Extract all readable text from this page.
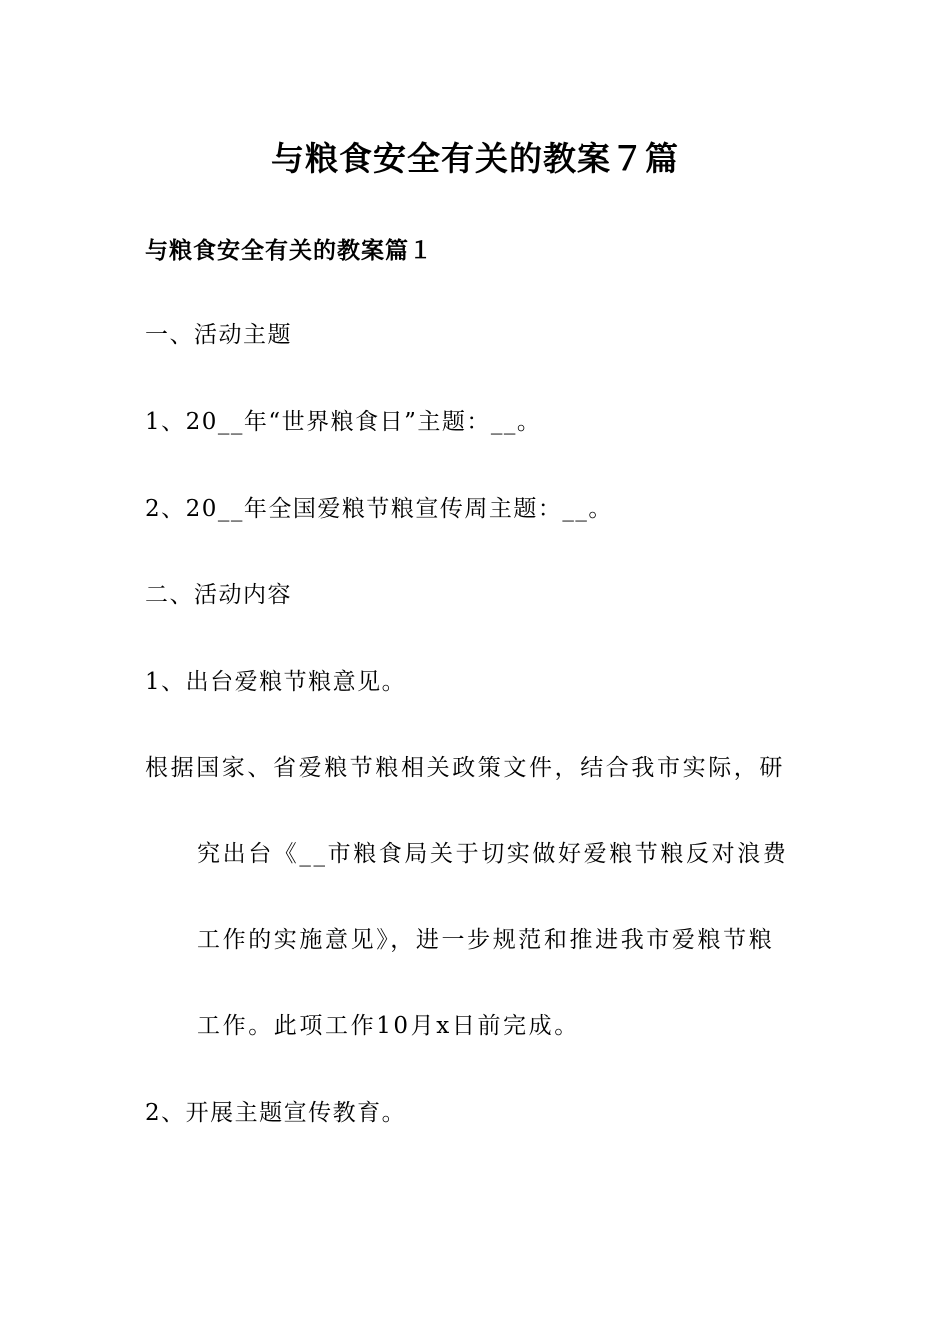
与粮食安全有关的教案７篇
与粮食安全有关的教案篇１
一、活动主题
1、20__年“世界粮食日”主题：__。
2、20__年全国爱粮节粮宣传周主题：__。
二、活动内容
1、出台爱粮节粮意见。
根据国家、省爱粮节粮相关政策文件，结合我市实际，研
究出台《__市粮食局关于切实做好爱粮节粮反对浪费
工作的实施意见》，进一步规范和推进我市爱粮节粮
工作。此项工作10月x日前完成。
2、开展主题宣传教育。
